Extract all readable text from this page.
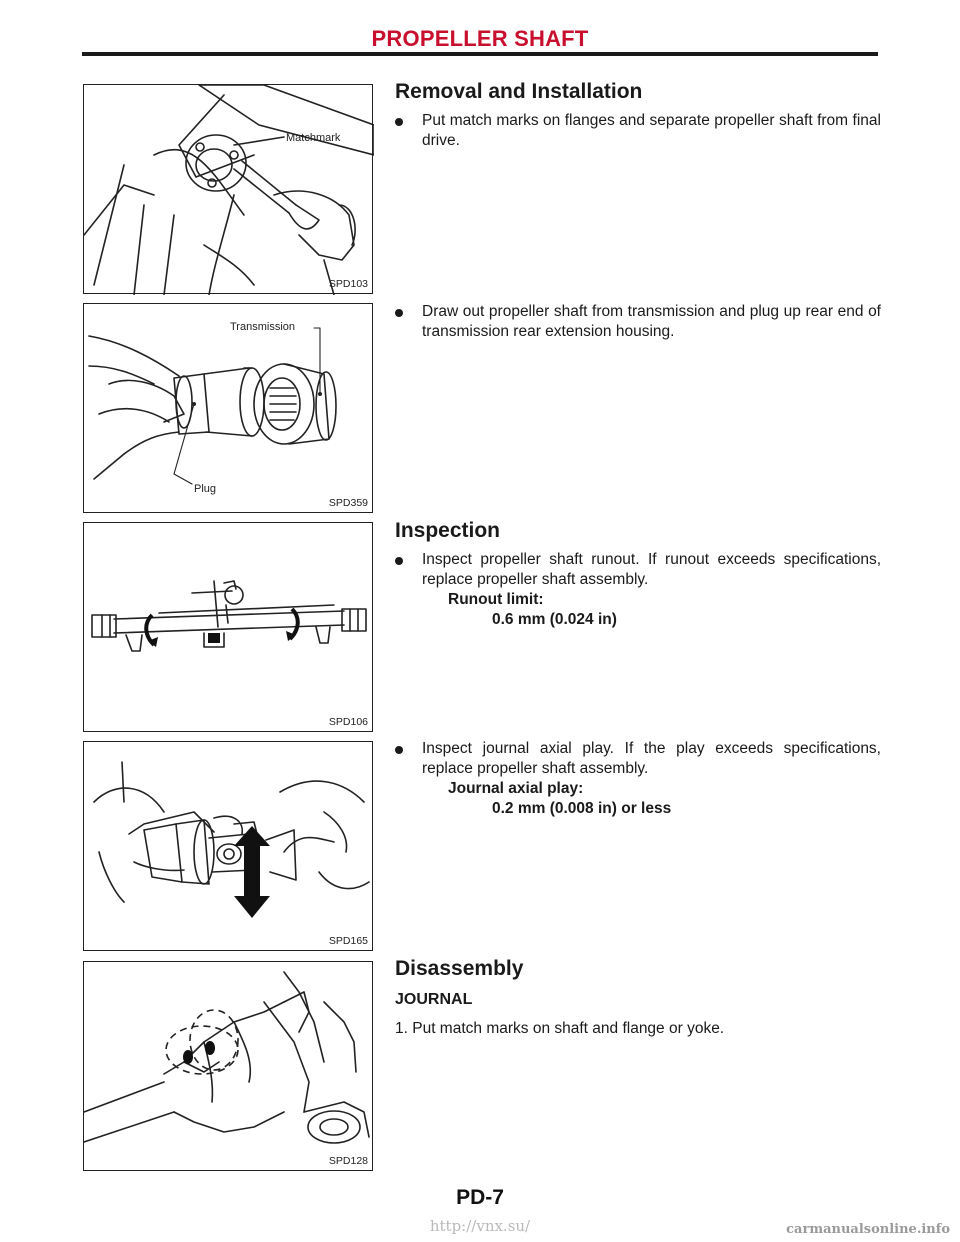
PROPELLER SHAFT
Matchmark
SPD103
Transmission
Plug
SPD359
SPD106
SPD165
SPD128
Removal and Installation

Put match marks on flanges and separate propeller shaft from final drive.

Draw out propeller shaft from transmission and plug up rear end of transmission rear extension housing.

Inspection

Inspect propeller shaft runout. If runout exceeds specifications, replace propeller shaft assembly.

Runout limit:
0.6 mm (0.024 in)

Inspect journal axial play. If the play exceeds specifications, replace propeller shaft assembly.

Journal axial play:
0.2 mm (0.008 in) or less
Disassembly
JOURNAL

1. Put match marks on shaft and flange or yoke.

PD-7
http://vnx.su/	carmanualsonline.info
